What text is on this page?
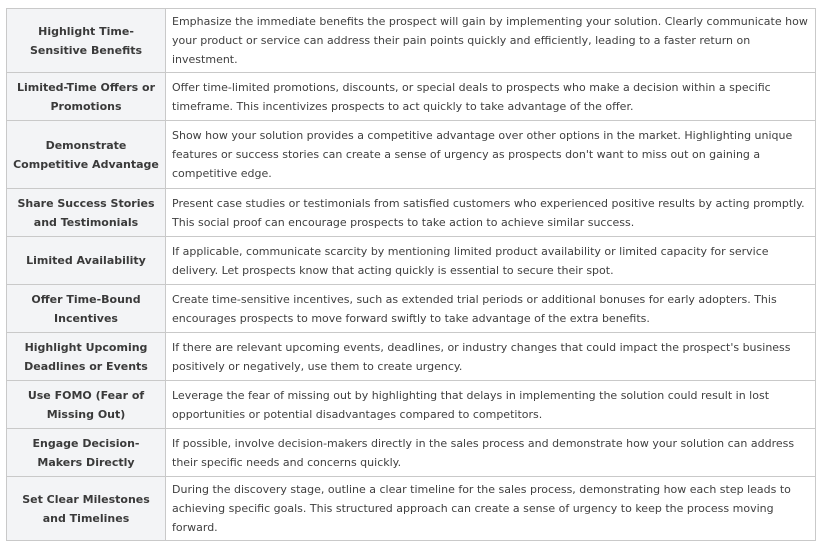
Highlight Time-Sensitive Benefits	Emphasize the immediate benefits the prospect will gain by implementing your solution. Clearly communicate how your product or service can address their pain points quickly and efficiently, leading to a faster return on investment.
Limited-Time Offers or Promotions	Offer time-limited promotions, discounts, or special deals to prospects who make a decision within a specific timeframe. This incentivizes prospects to act quickly to take advantage of the offer.
Demonstrate Competitive Advantage	Show how your solution provides a competitive advantage over other options in the market. Highlighting unique features or success stories can create a sense of urgency as prospects don't want to miss out on gaining a competitive edge.
Share Success Stories and Testimonials	Present case studies or testimonials from satisfied customers who experienced positive results by acting promptly. This social proof can encourage prospects to take action to achieve similar success.
Limited Availability	If applicable, communicate scarcity by mentioning limited product availability or limited capacity for service delivery. Let prospects know that acting quickly is essential to secure their spot.
Offer Time-Bound Incentives	Create time-sensitive incentives, such as extended trial periods or additional bonuses for early adopters. This encourages prospects to move forward swiftly to take advantage of the extra benefits.
Highlight Upcoming Deadlines or Events	If there are relevant upcoming events, deadlines, or industry changes that could impact the prospect's business positively or negatively, use them to create urgency.
Use FOMO (Fear of Missing Out)	Leverage the fear of missing out by highlighting that delays in implementing the solution could result in lost opportunities or potential disadvantages compared to competitors.
Engage Decision-Makers Directly	If possible, involve decision-makers directly in the sales process and demonstrate how your solution can address their specific needs and concerns quickly.
Set Clear Milestones and Timelines	During the discovery stage, outline a clear timeline for the sales process, demonstrating how each step leads to achieving specific goals. This structured approach can create a sense of urgency to keep the process moving forward.
